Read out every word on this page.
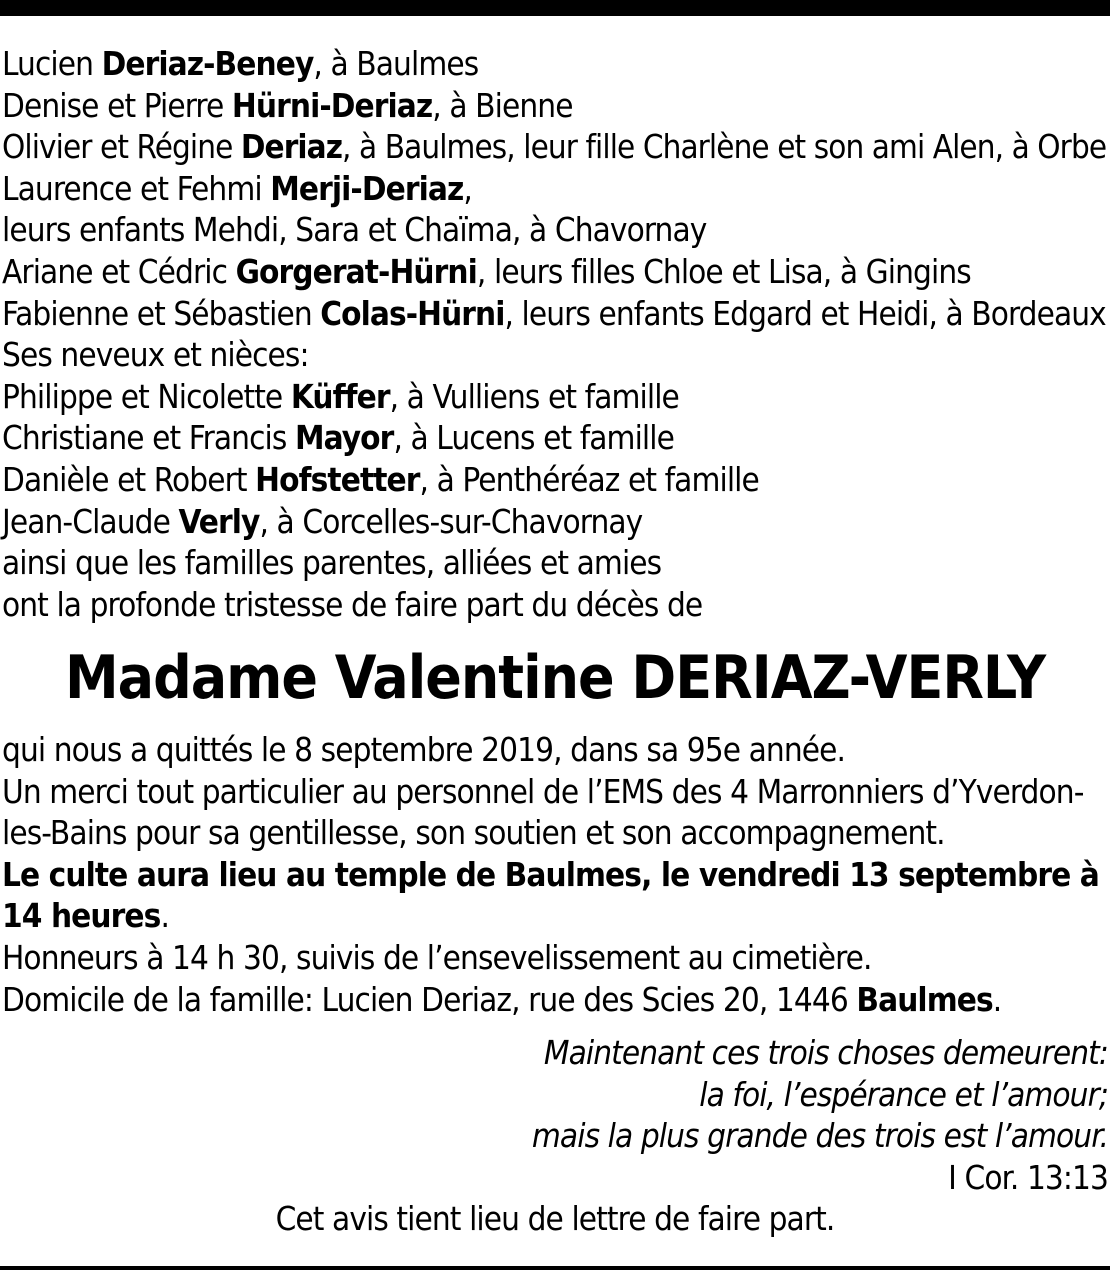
Lucien Deriaz-Beney, à Baulmes
Denise et Pierre Hürni-Deriaz, à Bienne
Olivier et Régine Deriaz, à Baulmes, leur fille Charlène et son ami Alen, à Orbe
Laurence et Fehmi Merji-Deriaz,
leurs enfants Mehdi, Sara et Chaïma, à Chavornay
Ariane et Cédric Gorgerat-Hürni, leurs filles Chloe et Lisa, à Gingins
Fabienne et Sébastien Colas-Hürni, leurs enfants Edgard et Heidi, à Bordeaux
Ses neveux et nièces:
Philippe et Nicolette Küffer, à Vulliens et famille
Christiane et Francis Mayor, à Lucens et famille
Danièle et Robert Hofstetter, à Penthéréaz et famille
Jean-Claude Verly, à Corcelles-sur-Chavornay
ainsi que les familles parentes, alliées et amies
ont la profonde tristesse de faire part du décès de
Madame Valentine DERIAZ-VERLY
qui nous a quittés le 8 septembre 2019, dans sa 95e année.
Un merci tout particulier au personnel de l’EMS des 4 Marronniers d’Yverdon-
les-Bains pour sa gentillesse, son soutien et son accompagnement.
Le culte aura lieu au temple de Baulmes, le vendredi 13 septembre à
14 heures.
Honneurs à 14 h 30, suivis de l’ensevelissement au cimetière.
Domicile de la famille: Lucien Deriaz, rue des Scies 20, 1446 Baulmes.
Maintenant ces trois choses demeurent:
la foi, l’espérance et l’amour;
mais la plus grande des trois est l’amour.
I Cor. 13:13
Cet avis tient lieu de lettre de faire part.
